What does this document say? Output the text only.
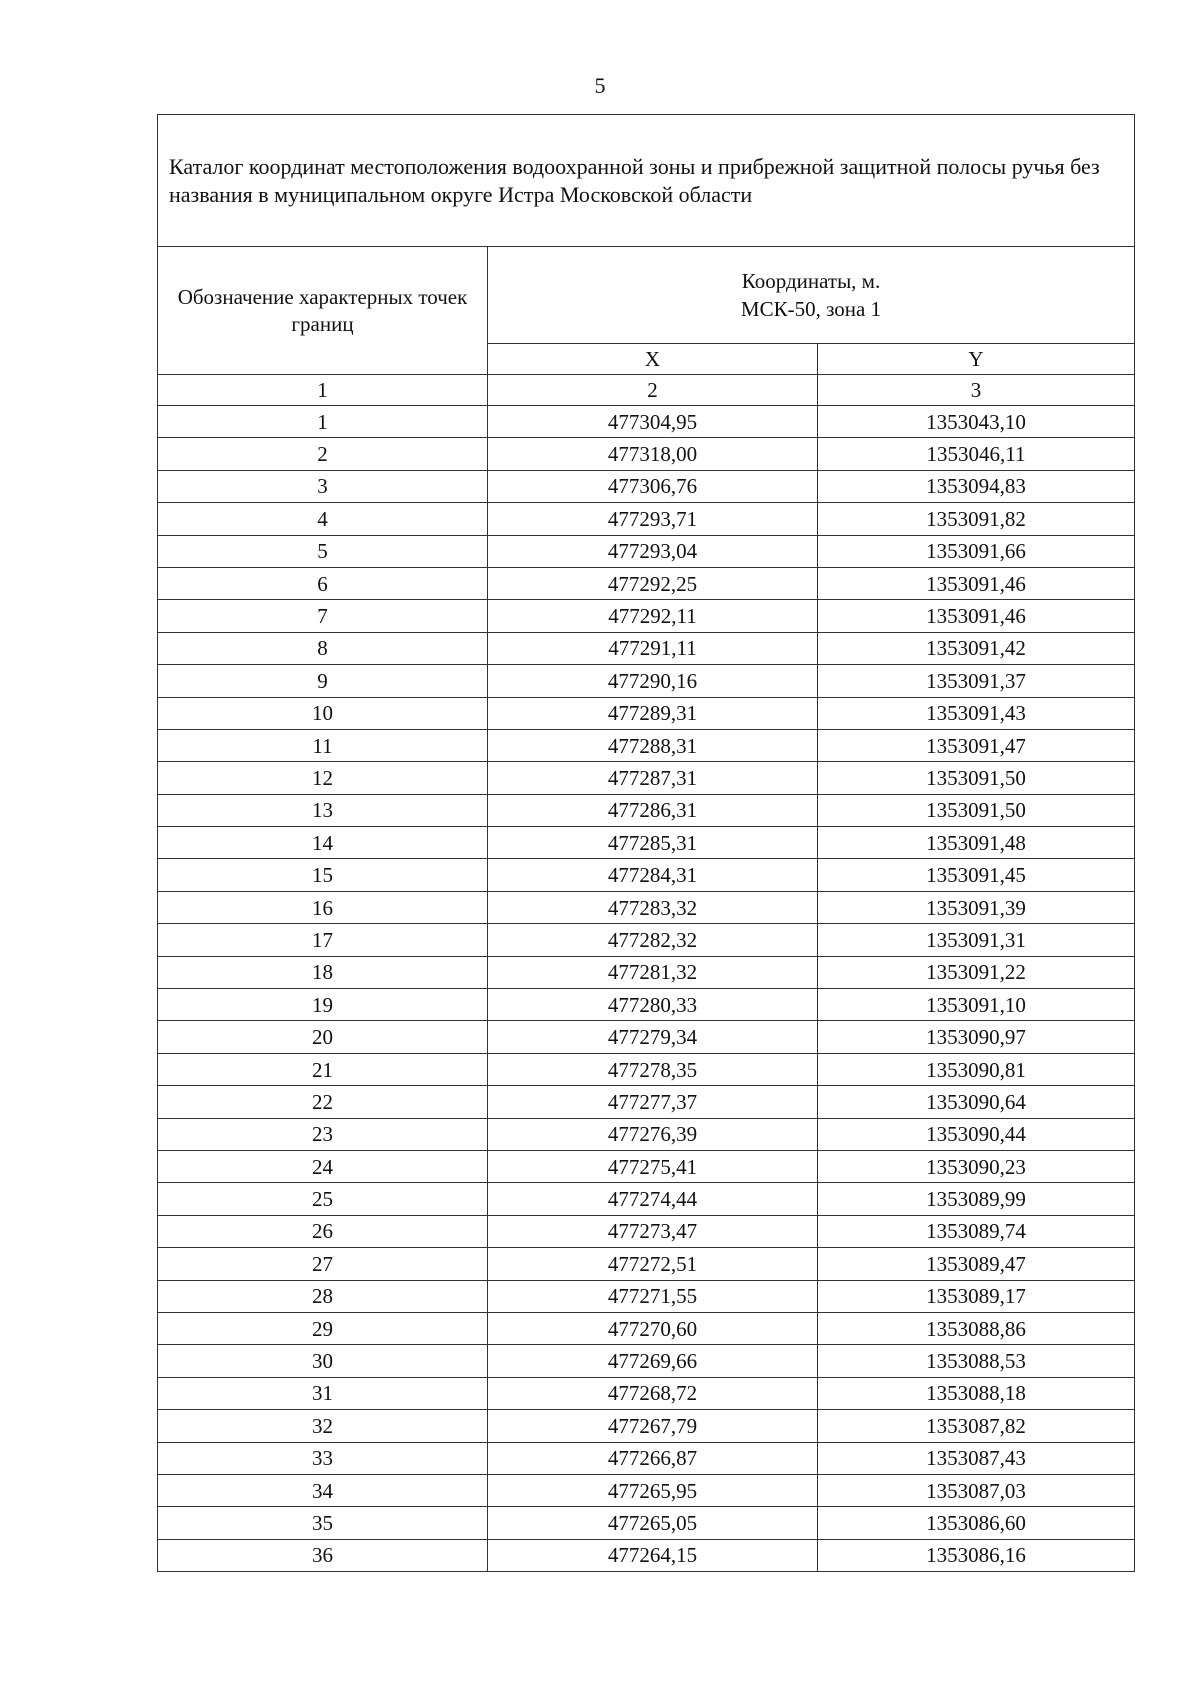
5
Каталог координат местоположения водоохранной зоны и прибрежной защитной полосы ручья без названия в муниципальном округе Истра Московской области		
Обозначение характерных точек границ	Координаты, м.
МСК-50, зона 1	

	X	Y
1	2	3
1	477304,95	1353043,10
2	477318,00	1353046,11
3	477306,76	1353094,83
4	477293,71	1353091,82
5	477293,04	1353091,66
6	477292,25	1353091,46
7	477292,11	1353091,46
8	477291,11	1353091,42
9	477290,16	1353091,37
10	477289,31	1353091,43
11	477288,31	1353091,47
12	477287,31	1353091,50
13	477286,31	1353091,50
14	477285,31	1353091,48
15	477284,31	1353091,45
16	477283,32	1353091,39
17	477282,32	1353091,31
18	477281,32	1353091,22
19	477280,33	1353091,10
20	477279,34	1353090,97
21	477278,35	1353090,81
22	477277,37	1353090,64
23	477276,39	1353090,44
24	477275,41	1353090,23
25	477274,44	1353089,99
26	477273,47	1353089,74
27	477272,51	1353089,47
28	477271,55	1353089,17
29	477270,60	1353088,86
30	477269,66	1353088,53
31	477268,72	1353088,18
32	477267,79	1353087,82
33	477266,87	1353087,43
34	477265,95	1353087,03
35	477265,05	1353086,60
36	477264,15	1353086,16
